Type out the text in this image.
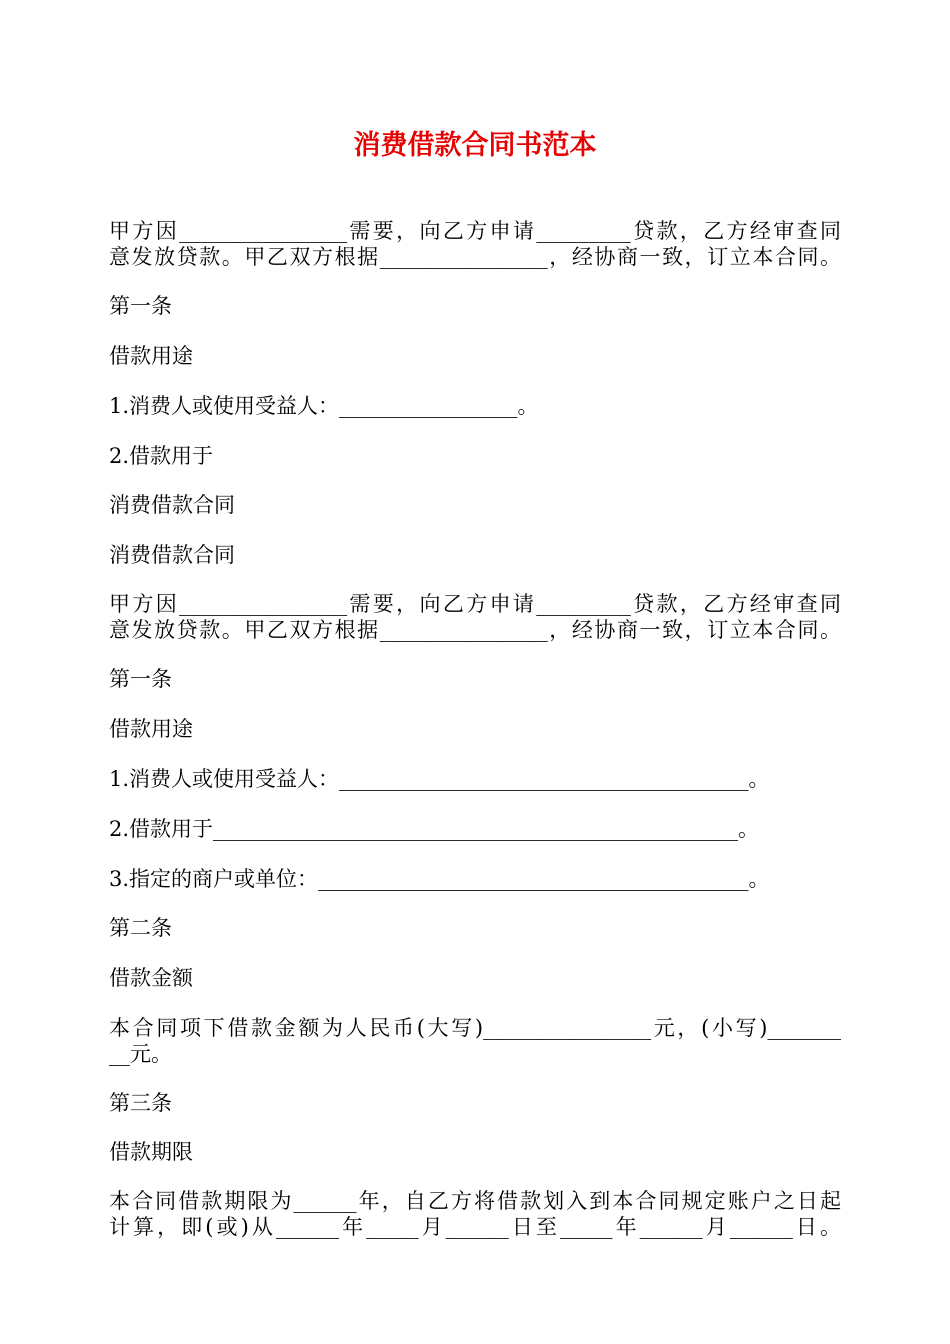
消费借款合同书范本
甲方因________________需要，向乙方申请_________贷款，乙方经审查同
意发放贷款。甲乙双方根据________________，经协商一致，订立本合同。
第一条
借款用途
1.消费人或使用受益人：_________________。
2.借款用于
消费借款合同
消费借款合同
甲方因________________需要，向乙方申请_________贷款，乙方经审查同
意发放贷款。甲乙双方根据________________，经协商一致，订立本合同。
第一条
借款用途
1.消费人或使用受益人：_______________________________________。
2.借款用于__________________________________________________。
3.指定的商户或单位：_________________________________________。
第二条
借款金额
本合同项下借款金额为人民币(大写)________________元，(小写)_______
__元。
第三条
借款期限
本合同借款期限为______年，自乙方将借款划入到本合同规定账户之日起
计算，即(或)从______年_____月______日至_____年______月______日。
